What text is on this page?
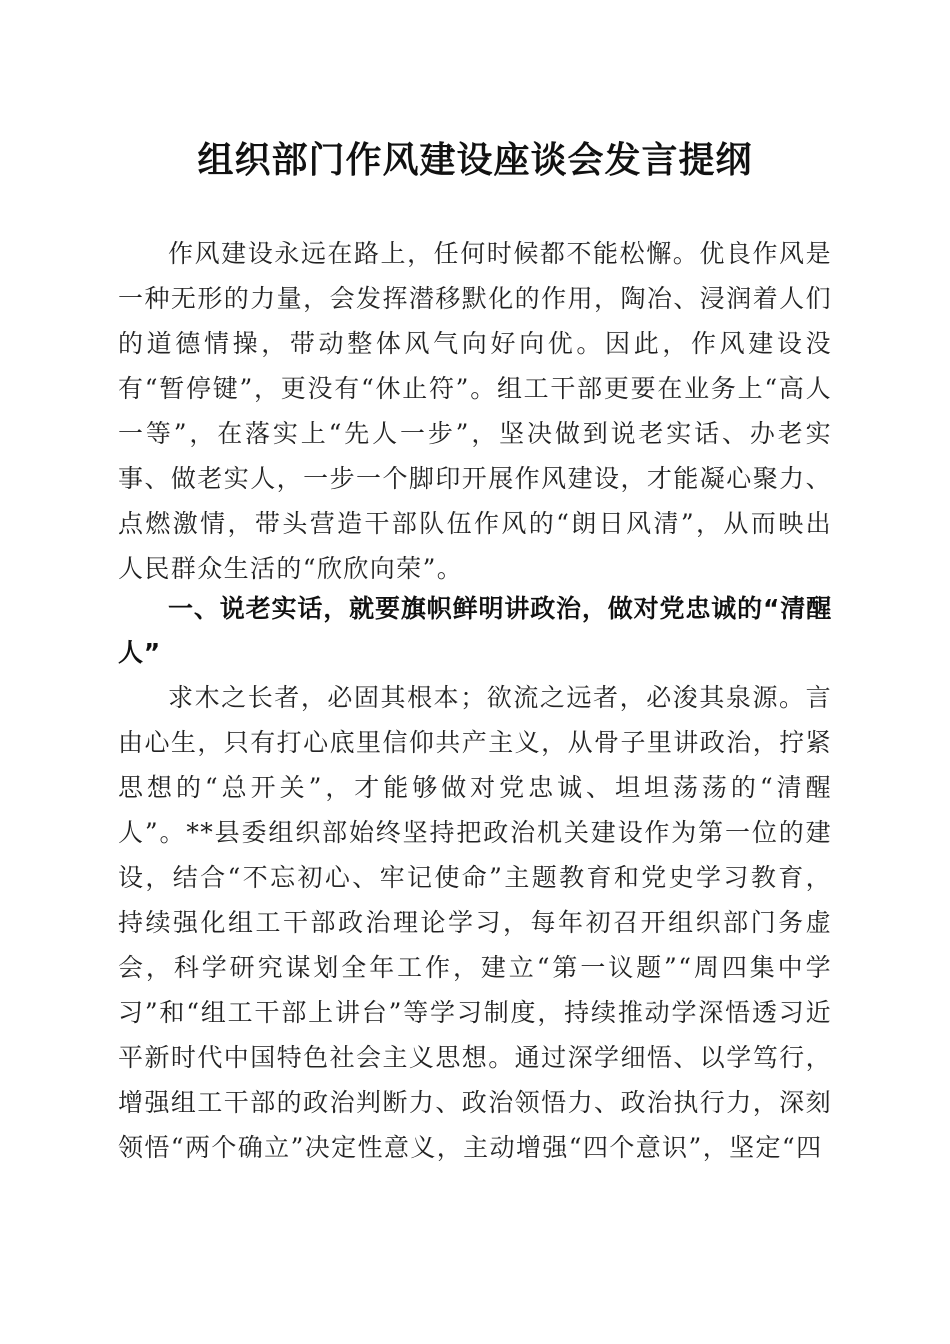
组织部门作风建设座谈会发言提纲

作风建设永远在路上，任何时候都不能松懈。优良作风是一种无形的力量，会发挥潜移默化的作用，陶冶、浸润着人们的道德情操，带动整体风气向好向优。因此，作风建设没有“暂停键”，更没有“休止符”。组工干部更要在业务上“高人一等”，在落实上“先人一步”，坚决做到说老实话、办老实事、做老实人，一步一个脚印开展作风建设，才能凝心聚力、点燃激情，带头营造干部队伍作风的“朗日风清”，从而映出人民群众生活的“欣欣向荣”。

一、说老实话，就要旗帜鲜明讲政治，做对党忠诚的“清醒人”

求木之长者，必固其根本；欲流之远者，必浚其泉源。言由心生，只有打心底里信仰共产主义，从骨子里讲政治，拧紧思想的“总开关”，才能够做对党忠诚、坦坦荡荡的“清醒人”。**县委组织部始终坚持把政治机关建设作为第一位的建设，结合“不忘初心、牢记使命”主题教育和党史学习教育，持续强化组工干部政治理论学习，每年初召开组织部门务虚会，科学研究谋划全年工作，建立“第一议题”“周四集中学习”和“组工干部上讲台”等学习制度，持续推动学深悟透习近平新时代中国特色社会主义思想。通过深学细悟、以学笃行，增强组工干部的政治判断力、政治领悟力、政治执行力，深刻领悟“两个确立”决定性意义，主动增强“四个意识”，坚定“四
